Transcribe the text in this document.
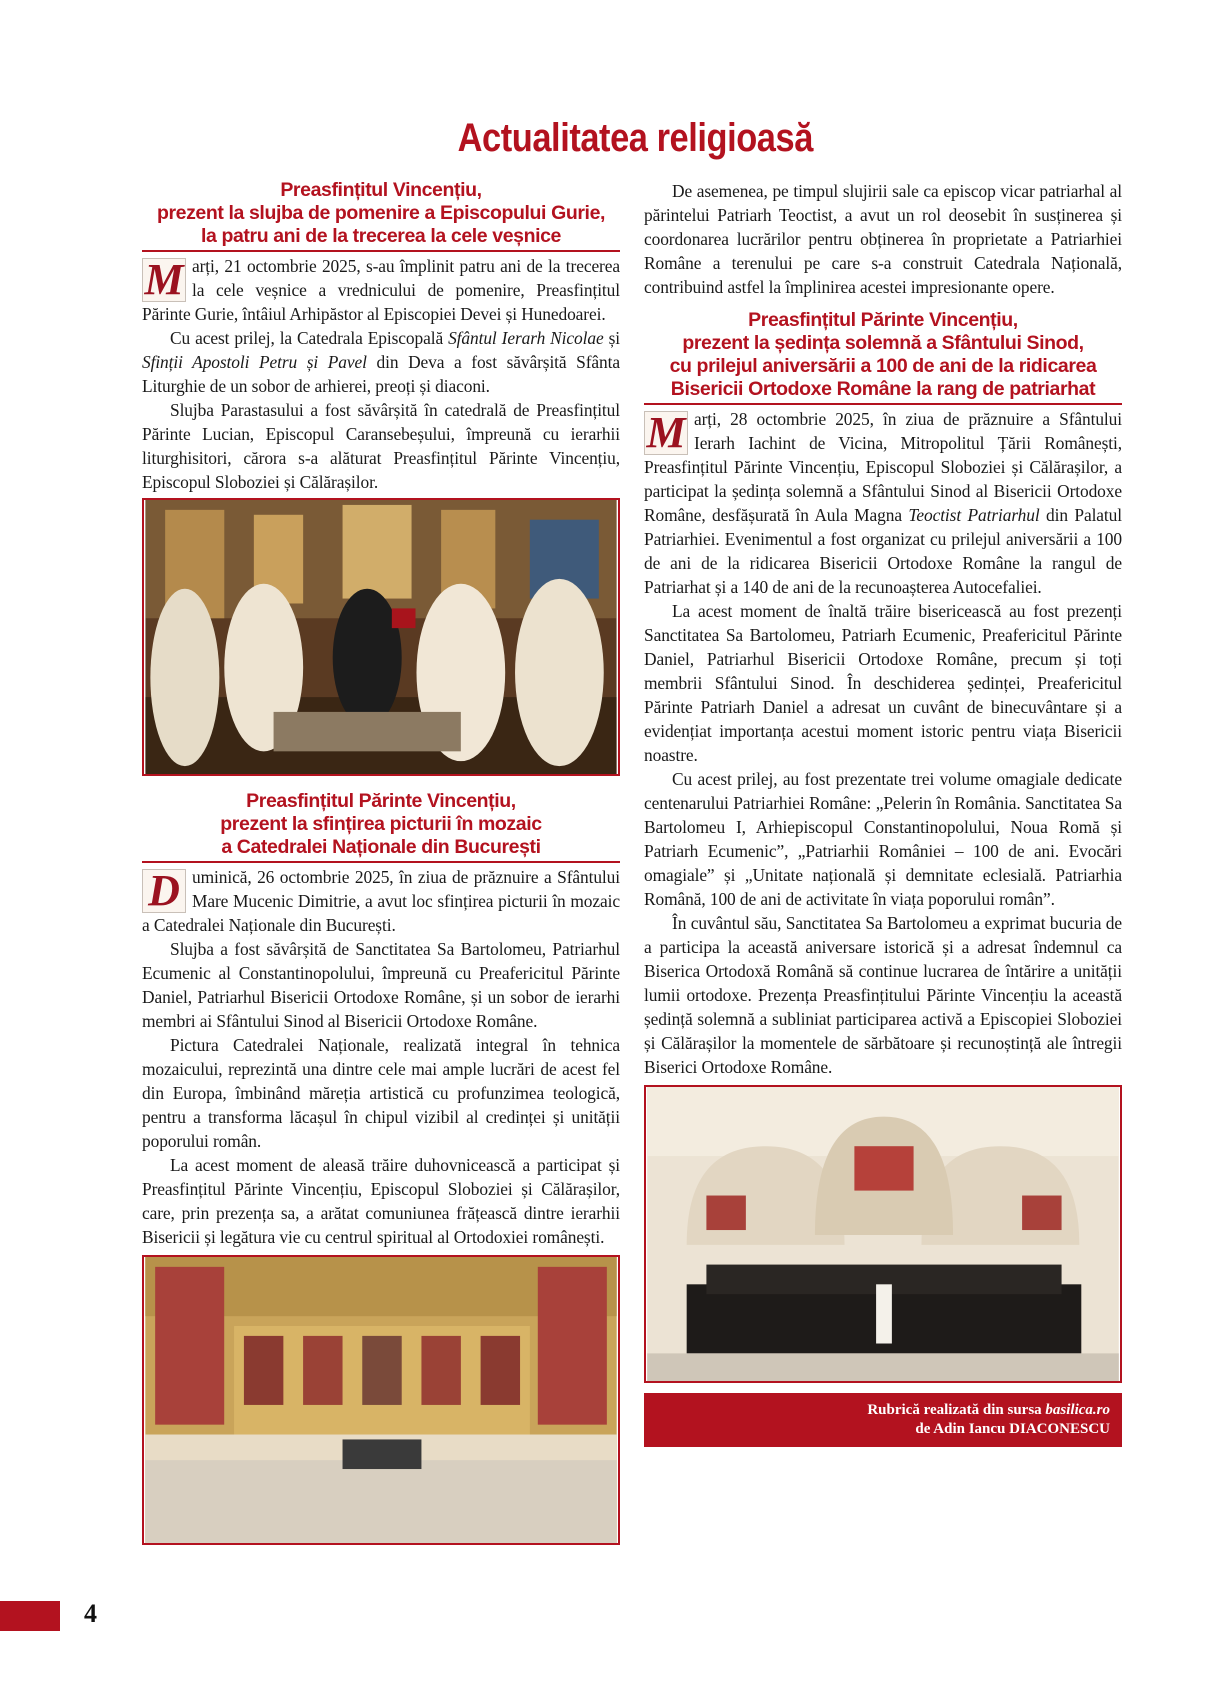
Actualitatea religioasă
Preasfințitul Vincențiu,
prezent la slujba de pomenire a Episcopului Gurie,
la patru ani de la trecerea la cele veșnice

M arți, 21 octombrie 2025, s-au împlinit patru ani de la trecerea la cele veșnice a vrednicului de pomenire, Preasfințitul Părinte Gurie, întâiul Arhipăstor al Episcopiei Devei și Hunedoarei.

Cu acest prilej, la Catedrala Episcopală Sfântul Ierarh Nicolae și Sfinții Apostoli Petru și Pavel din Deva a fost săvârșită Sfânta Liturghie de un sobor de arhierei, preoți și diaconi.

Slujba Parastasului a fost săvârșită în catedrală de Preasfințitul Părinte Lucian, Episcopul Caransebeșului, împreună cu ierarhii liturghisitori, cărora s-a alăturat Preasfințitul Părinte Vincențiu, Episcopul Sloboziei și Călărașilor.

Preasfințitul Părinte Vincențiu,
prezent la sfințirea picturii în mozaic
a Catedralei Naționale din București

D uminică, 26 octombrie 2025, în ziua de prăznuire a Sfântului Mare Mucenic Dimitrie, a avut loc sfințirea picturii în mozaic a Catedralei Naționale din București.

Slujba a fost săvârșită de Sanctitatea Sa Bartolomeu, Patriarhul Ecumenic al Constantinopolului, împreună cu Preafericitul Părinte Daniel, Patriarhul Bisericii Ortodoxe Române, și un sobor de ierarhi membri ai Sfântului Sinod al Bisericii Ortodoxe Române.

Pictura Catedralei Naționale, realizată integral în tehnica mozaicului, reprezintă una dintre cele mai ample lucrări de acest fel din Europa, îmbinând măreția artistică cu profunzimea teologică, pentru a transforma lăcașul în chipul vizibil al credinței și unității poporului român.

La acest moment de aleasă trăire duhovnicească a participat și Preasfințitul Părinte Vincențiu, Episcopul Sloboziei și Călărașilor, care, prin prezența sa, a arătat comuniunea frățească dintre ierarhii Bisericii și legătura vie cu centrul spiritual al Ortodoxiei românești.

De asemenea, pe timpul slujirii sale ca episcop vicar patriarhal al părintelui Patriarh Teoctist, a avut un rol deosebit în susținerea și coordonarea lucrărilor pentru obținerea în proprietate a Patriarhiei Române a terenului pe care s-a construit Catedrala Națională, contribuind astfel la împlinirea acestei impresionante opere.

Preasfințitul Părinte Vincențiu,
prezent la ședința solemnă a Sfântului Sinod,
cu prilejul aniversării a 100 de ani de la ridicarea
Bisericii Ortodoxe Române la rang de patriarhat

M arți, 28 octombrie 2025, în ziua de prăznuire a Sfântului Ierarh Iachint de Vicina, Mitropolitul Țării Românești, Preasfințitul Părinte Vincențiu, Episcopul Sloboziei și Călărașilor, a participat la ședința solemnă a Sfântului Sinod al Bisericii Ortodoxe Române, desfășurată în Aula Magna Teoctist Patriarhul din Palatul Patriarhiei. Evenimentul a fost organizat cu prilejul aniversării a 100 de ani de la ridicarea Bisericii Ortodoxe Române la rangul de Patriarhat și a 140 de ani de la recunoașterea Autocefaliei.

La acest moment de înaltă trăire bisericească au fost prezenți Sanctitatea Sa Bartolomeu, Patriarh Ecumenic, Preafericitul Părinte Daniel, Patriarhul Bisericii Ortodoxe Române, precum și toți membrii Sfântului Sinod. În deschiderea ședinței, Preafericitul Părinte Patriarh Daniel a adresat un cuvânt de binecuvântare și a evidențiat importanța acestui moment istoric pentru viața Bisericii noastre.

Cu acest prilej, au fost prezentate trei volume omagiale dedicate centenarului Patriarhiei Române: „Pelerin în România. Sanctitatea Sa Bartolomeu I, Arhiepiscopul Constantinopolului, Noua Romă și Patriarh Ecumenic”, „Patriarhii României – 100 de ani. Evocări omagiale” și „Unitate națională și demnitate eclesială. Patriarhia Română, 100 de ani de activitate în viața poporului român”.

În cuvântul său, Sanctitatea Sa Bartolomeu a exprimat bucuria de a participa la această aniversare istorică și a adresat îndemnul ca Biserica Ortodoxă Română să continue lucrarea de întărire a unității lumii ortodoxe. Prezența Preasfințitului Părinte Vincențiu la această ședință solemnă a subliniat participarea activă a Episcopiei Sloboziei și Călărașilor la momentele de sărbătoare și recunoștință ale întregii Biserici Ortodoxe Române.

Rubrică realizată din sursa basilica.ro
de Adin Iancu DIACONESCU
4
